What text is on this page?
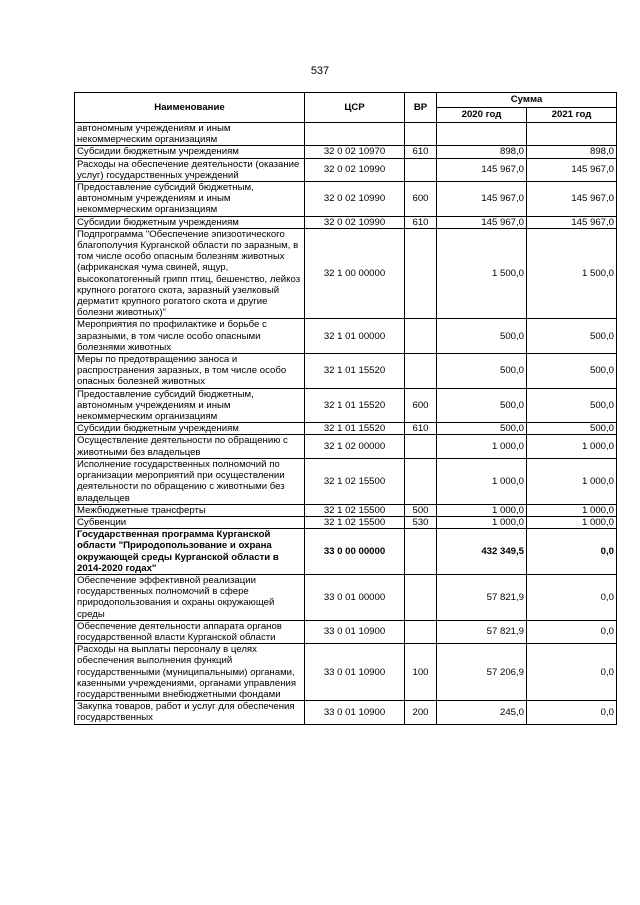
537
Наименование	ЦСР	ВР	Сумма	
			2020 год	2021 год
автономным учреждениям и иным некоммерческим организациям				
Субсидии бюджетным учреждениям	32 0 02 10970	610	898,0	898,0
Расходы на обеспечение деятельности (оказание услуг) государственных учреждений	32 0 02 10990		145 967,0	145 967,0
Предоставление субсидий бюджетным, автономным учреждениям и иным некоммерческим организациям	32 0 02 10990	600	145 967,0	145 967,0
Субсидии бюджетным учреждениям	32 0 02 10990	610	145 967,0	145 967,0
Подпрограмма "Обеспечение эпизоотического благополучия Курганской области по заразным, в том числе особо опасным болезням животных (африканская чума свиней, ящур, высокопатогенный грипп птиц, бешенство, лейкоз крупного рогатого скота, заразный узелковый дерматит крупного рогатого скота и другие болезни животных)"	32 1 00 00000		1 500,0	1 500,0
Мероприятия по профилактике и борьбе с заразными, в том числе особо опасными болезнями животных	32 1 01 00000		500,0	500,0
Меры по предотвращению заноса и распространения заразных, в том числе особо опасных болезней животных	32 1 01 15520		500,0	500,0
Предоставление субсидий бюджетным, автономным учреждениям и иным некоммерческим организациям	32 1 01 15520	600	500,0	500,0
Субсидии бюджетным учреждениям	32 1 01 15520	610	500,0	500,0
Осуществление деятельности по обращению с животными без владельцев	32 1 02 00000		1 000,0	1 000,0
Исполнение государственных полномочий по организации мероприятий при осуществлении деятельности по обращению с животными без владельцев	32 1 02 15500		1 000,0	1 000,0
Межбюджетные трансферты	32 1 02 15500	500	1 000,0	1 000,0
Субвенции	32 1 02 15500	530	1 000,0	1 000,0
Государственная программа Курганской области "Природопользование и охрана окружающей среды Курганской области в 2014-2020 годах"	33 0 00 00000		432 349,5	0,0
Обеспечение эффективной реализации государственных полномочий в сфере природопользования и охраны окружающей среды	33 0 01 00000		57 821,9	0,0
Обеспечение деятельности аппарата органов государственной власти Курганской области	33 0 01 10900		57 821,9	0,0
Расходы на выплаты персоналу в целях обеспечения выполнения функций государственными (муниципальными) органами, казенными учреждениями, органами управления государственными внебюджетными фондами	33 0 01 10900	100	57 206,9	0,0
Закупка товаров, работ и услуг для обеспечения государственных	33 0 01 10900	200	245,0	0,0
